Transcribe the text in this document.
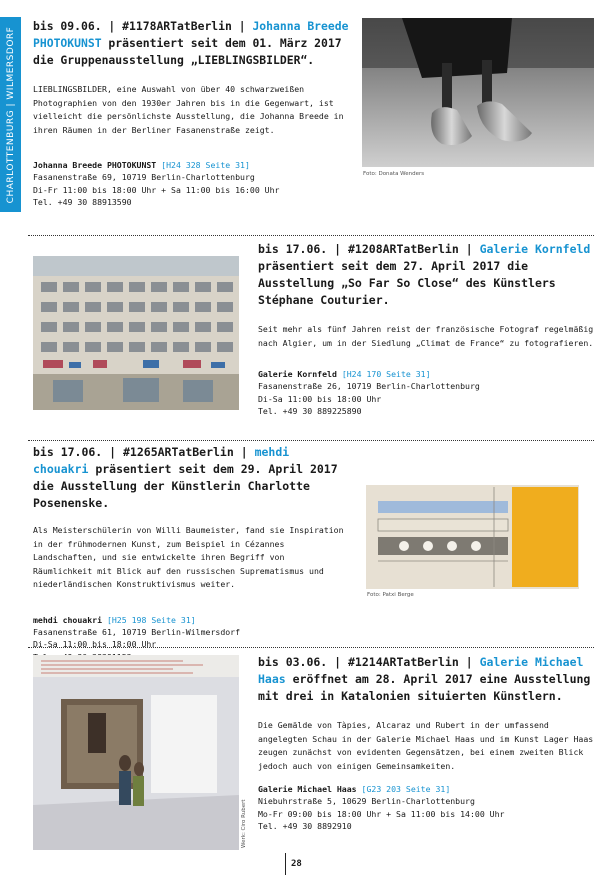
CHARLOTTENBURG | WILMERSDORF

bis 09.06. | #1178ARTatBerlin | Johanna Breede PHOTOKUNST präsentiert seit dem 01. März 2017 die Gruppenausstellung „LIEBLINGSBILDER“.

LIEBLINGSBILDER, eine Auswahl von über 40 schwarzweißen Photographien von den 1930er Jahren bis in die Gegenwart, ist vielleicht die persönlichste Ausstellung, die Johanna Breede in ihren Räumen in der Berliner Fasanenstraße zeigt.

Johanna Breede PHOTOKUNST [H24 328 Seite 31]
Fasanenstraße 69, 10719 Berlin-Charlottenburg
Di-Fr 11:00 bis 18:00 Uhr + Sa 11:00 bis 16:00 Uhr
Tel. +49 30 88913590
Foto: Donata Wenders

bis 17.06. | #1208ARTatBerlin | Galerie Kornfeld präsentiert seit dem 27. April 2017 die Ausstellung „So Far So Close“ des Künstlers Stéphane Couturier.

Seit mehr als fünf Jahren reist der französische Fotograf regelmäßig nach Algier, um in der Siedlung „Climat de France“ zu fotografieren.

Galerie Kornfeld [H24 170 Seite 31]
Fasanenstraße 26, 10719 Berlin-Charlottenburg
Di-Sa 11:00 bis 18:00 Uhr
Tel. +49 30 889225890

bis 17.06. | #1265ARTatBerlin | mehdi chouakri präsentiert seit dem 29. April 2017 die Ausstellung der Künstlerin Charlotte Posenenske.

Als Meisterschülerin von Willi Baumeister, fand sie Inspiration in der frühmodernen Kunst, zum Beispiel in Cézannes Landschaften, und sie entwickelte ihren Begriff von Räumlichkeit mit Blick auf den russischen Suprematismus und niederländischen Konstruktivismus weiter.

mehdi chouakri [H25 198 Seite 31]
Fasanenstraße 61, 10719 Berlin-Wilmersdorf
Di-Sa 11:00 bis 18:00 Uhr
Foto: Patxi Berge
Werk: Ciro Rubert

bis 03.06. | #1214ARTatBerlin | Galerie Michael Haas eröffnet am 28. April 2017 eine Ausstellung mit drei in Katalonien situierten Künstlern.

Die Gemälde von Tàpies, Alcaraz und Rubert in der umfassend angelegten Schau in der Galerie Michael Haas und im Kunst Lager Haas zeugen zunächst von evidenten Gegensätzen, bei einem zweiten Blick jedoch auch von einigen Gemeinsamkeiten.

Galerie Michael Haas [G23 203 Seite 31]
Niebuhrstraße 5, 10629 Berlin-Charlottenburg
Mo-Fr 09:00 bis 18:00 Uhr + Sa 11:00 bis 14:00 Uhr
Tel. +49 30 8892910
28
